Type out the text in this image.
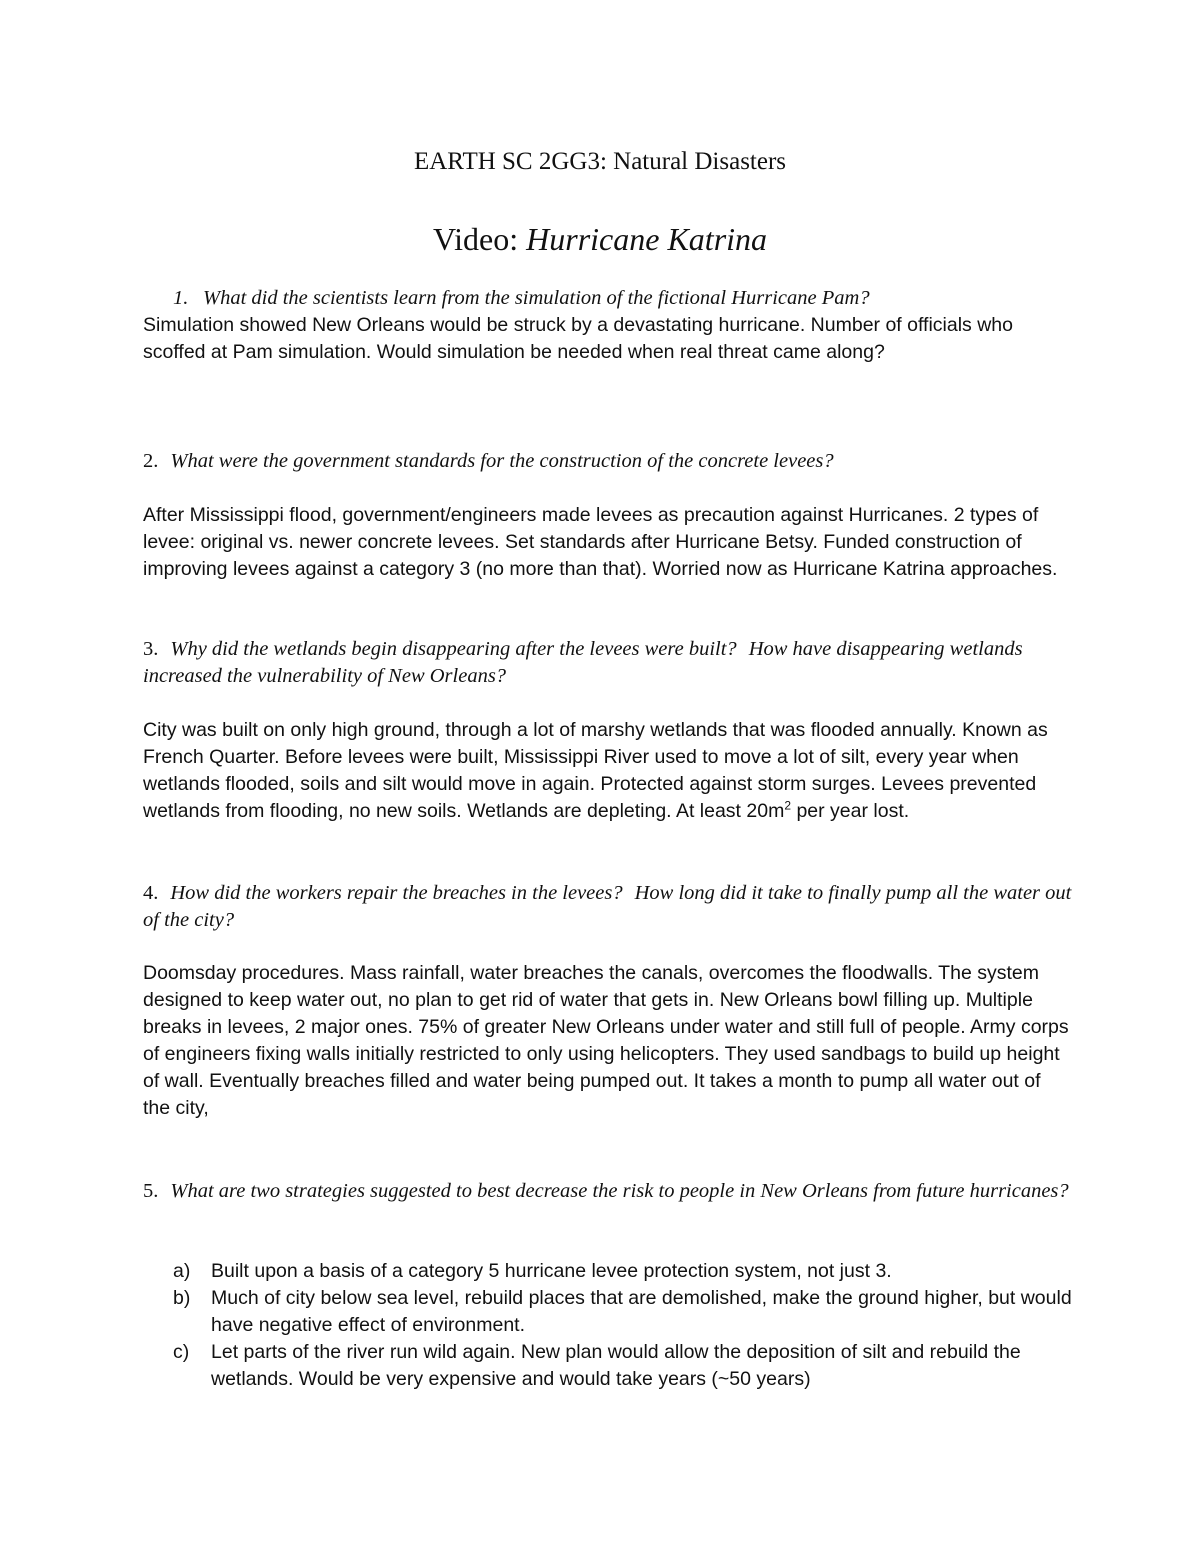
EARTH SC 2GG3: Natural Disasters
Video: Hurricane Katrina
1. What did the scientists learn from the simulation of the fictional Hurricane Pam?
Simulation showed New Orleans would be struck by a devastating hurricane. Number of officials who scoffed at Pam simulation. Would simulation be needed when real threat came along?
2. What were the government standards for the construction of the concrete levees?
After Mississippi flood, government/engineers made levees as precaution against Hurricanes. 2 types of levee: original vs. newer concrete levees. Set standards after Hurricane Betsy. Funded construction of improving levees against a category 3 (no more than that). Worried now as Hurricane Katrina approaches.
3. Why did the wetlands begin disappearing after the levees were built? How have disappearing wetlands increased the vulnerability of New Orleans?
City was built on only high ground, through a lot of marshy wetlands that was flooded annually. Known as French Quarter. Before levees were built, Mississippi River used to move a lot of silt, every year when wetlands flooded, soils and silt would move in again. Protected against storm surges. Levees prevented wetlands from flooding, no new soils. Wetlands are depleting. At least $20m^2$ per year lost.
4. How did the workers repair the breaches in the levees? How long did it take to finally pump all the water out of the city?
Doomsday procedures. Mass rainfall, water breaches the canals, overcomes the floodwalls. The system designed to keep water out, no plan to get rid of water that gets in. New Orleans bowl filling up. Multiple breaks in levees, 2 major ones. 75% of greater New Orleans under water and still full of people. Army corps of engineers fixing walls initially restricted to only using helicopters. They used sandbags to build up height of wall. Eventually breaches filled and water being pumped out. It takes a month to pump all water out of the city,
5. What are two strategies suggested to best decrease the risk to people in New Orleans from future hurricanes?
a) Built upon a basis of a category 5 hurricane levee protection system, not just 3.
b) Much of city below sea level, rebuild places that are demolished, make the ground higher, but would have negative effect of environment.
c) Let parts of the river run wild again. New plan would allow the deposition of silt and rebuild the wetlands. Would be very expensive and would take years (~50 years)
